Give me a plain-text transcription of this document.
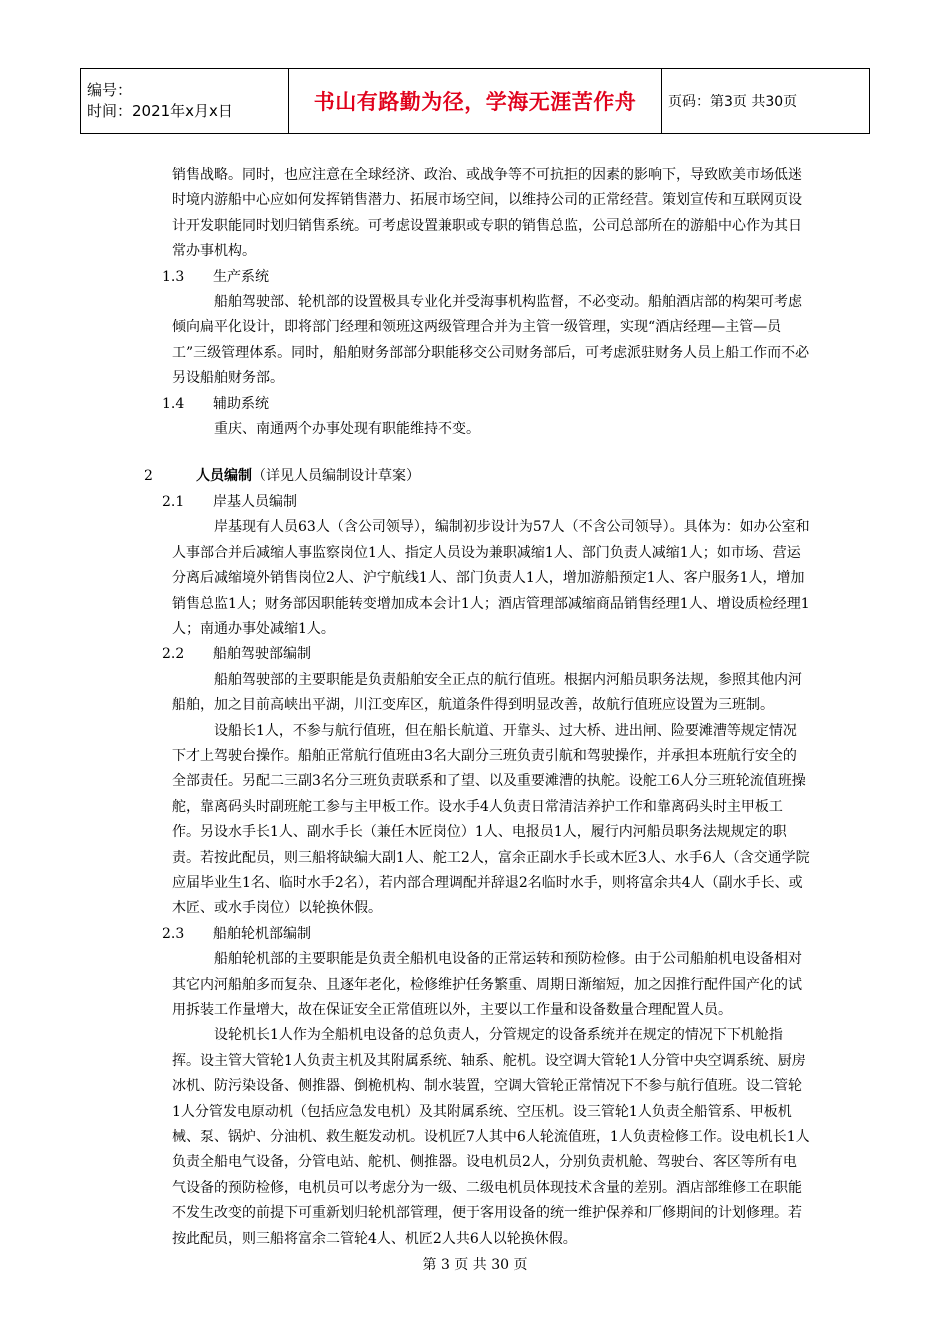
编号：
时间：2021年x月x日	书山有路勤为径，学海无涯苦作舟	页码：第3页 共30页

销售战略。同时，也应注意在全球经济、政治、或战争等不可抗拒的因素的影响下，导致欧美市场低迷时境内游船中心应如何发挥销售潜力、拓展市场空间，以维持公司的正常经营。策划宣传和互联网页设计开发职能同时划归销售系统。可考虑设置兼职或专职的销售总监，公司总部所在的游船中心作为其日常办事机构。

1.3 生产系统

船舶驾驶部、轮机部的设置极具专业化并受海事机构监督，不必变动。船舶酒店部的构架可考虑倾向扁平化设计，即将部门经理和领班这两级管理合并为主管一级管理，实现“酒店经理—主管—员工”三级管理体系。同时，船舶财务部部分职能移交公司财务部后，可考虑派驻财务人员上船工作而不必另设船舶财务部。

1.4 辅助系统

重庆、南通两个办事处现有职能维持不变。

2	人员编制（详见人员编制设计草案）
2.1 岸基人员编制

岸基现有人员63人（含公司领导），编制初步设计为57人（不含公司领导）。具体为：如办公室和人事部合并后减缩人事监察岗位1人、指定人员设为兼职减缩1人、部门负责人减缩1人；如市场、营运分离后减缩境外销售岗位2人、沪宁航线1人、部门负责人1人，增加游船预定1人、客户服务1人，增加销售总监1人；财务部因职能转变增加成本会计1人；酒店管理部减缩商品销售经理1人、增设质检经理1人；南通办事处减缩1人。

2.2 船舶驾驶部编制

船舶驾驶部的主要职能是负责船舶安全正点的航行值班。根据内河船员职务法规，参照其他内河船舶，加之目前高峡出平湖，川江变库区，航道条件得到明显改善，故航行值班应设置为三班制。

设船长1人，不参与航行值班，但在船长航道、开靠头、过大桥、进出闸、险要滩漕等规定情况下才上驾驶台操作。船舶正常航行值班由3名大副分三班负责引航和驾驶操作，并承担本班航行安全的全部责任。另配二三副3名分三班负责联系和了望、以及重要滩漕的执舵。设舵工6人分三班轮流值班操舵，靠离码头时副班舵工参与主甲板工作。设水手4人负责日常清洁养护工作和靠离码头时主甲板工作。另设水手长1人、副水手长（兼任木匠岗位）1人、电报员1人，履行内河船员职务法规规定的职责。若按此配员，则三船将缺编大副1人、舵工2人，富余正副水手长或木匠3人、水手6人（含交通学院应届毕业生1名、临时水手2名），若内部合理调配并辞退2名临时水手，则将富余共4人（副水手长、或木匠、或水手岗位）以轮换休假。

2.3 船舶轮机部编制

船舶轮机部的主要职能是负责全船机电设备的正常运转和预防检修。由于公司船舶机电设备相对其它内河船舶多而复杂、且逐年老化，检修维护任务繁重、周期日渐缩短，加之因推行配件国产化的试用拆装工作量增大，故在保证安全正常值班以外，主要以工作量和设备数量合理配置人员。

设轮机长1人作为全船机电设备的总负责人，分管规定的设备系统并在规定的情况下下机舱指挥。设主管大管轮1人负责主机及其附属系统、轴系、舵机。设空调大管轮1人分管中央空调系统、厨房冰机、防污染设备、侧推器、倒桅机构、制水装置，空调大管轮正常情况下不参与航行值班。设二管轮1人分管发电原动机（包括应急发电机）及其附属系统、空压机。设三管轮1人负责全船管系、甲板机械、泵、锅炉、分油机、救生艇发动机。设机匠7人其中6人轮流值班，1人负责检修工作。设电机长1人负责全船电气设备，分管电站、舵机、侧推器。设电机员2人，分别负责机舱、驾驶台、客区等所有电气设备的预防检修，电机员可以考虑分为一级、二级电机员体现技术含量的差别。酒店部维修工在职能不发生改变的前提下可重新划归轮机部管理，便于客用设备的统一维护保养和厂修期间的计划修理。若按此配员，则三船将富余二管轮4人、机匠2人共6人以轮换休假。

第 3 页 共 30 页
